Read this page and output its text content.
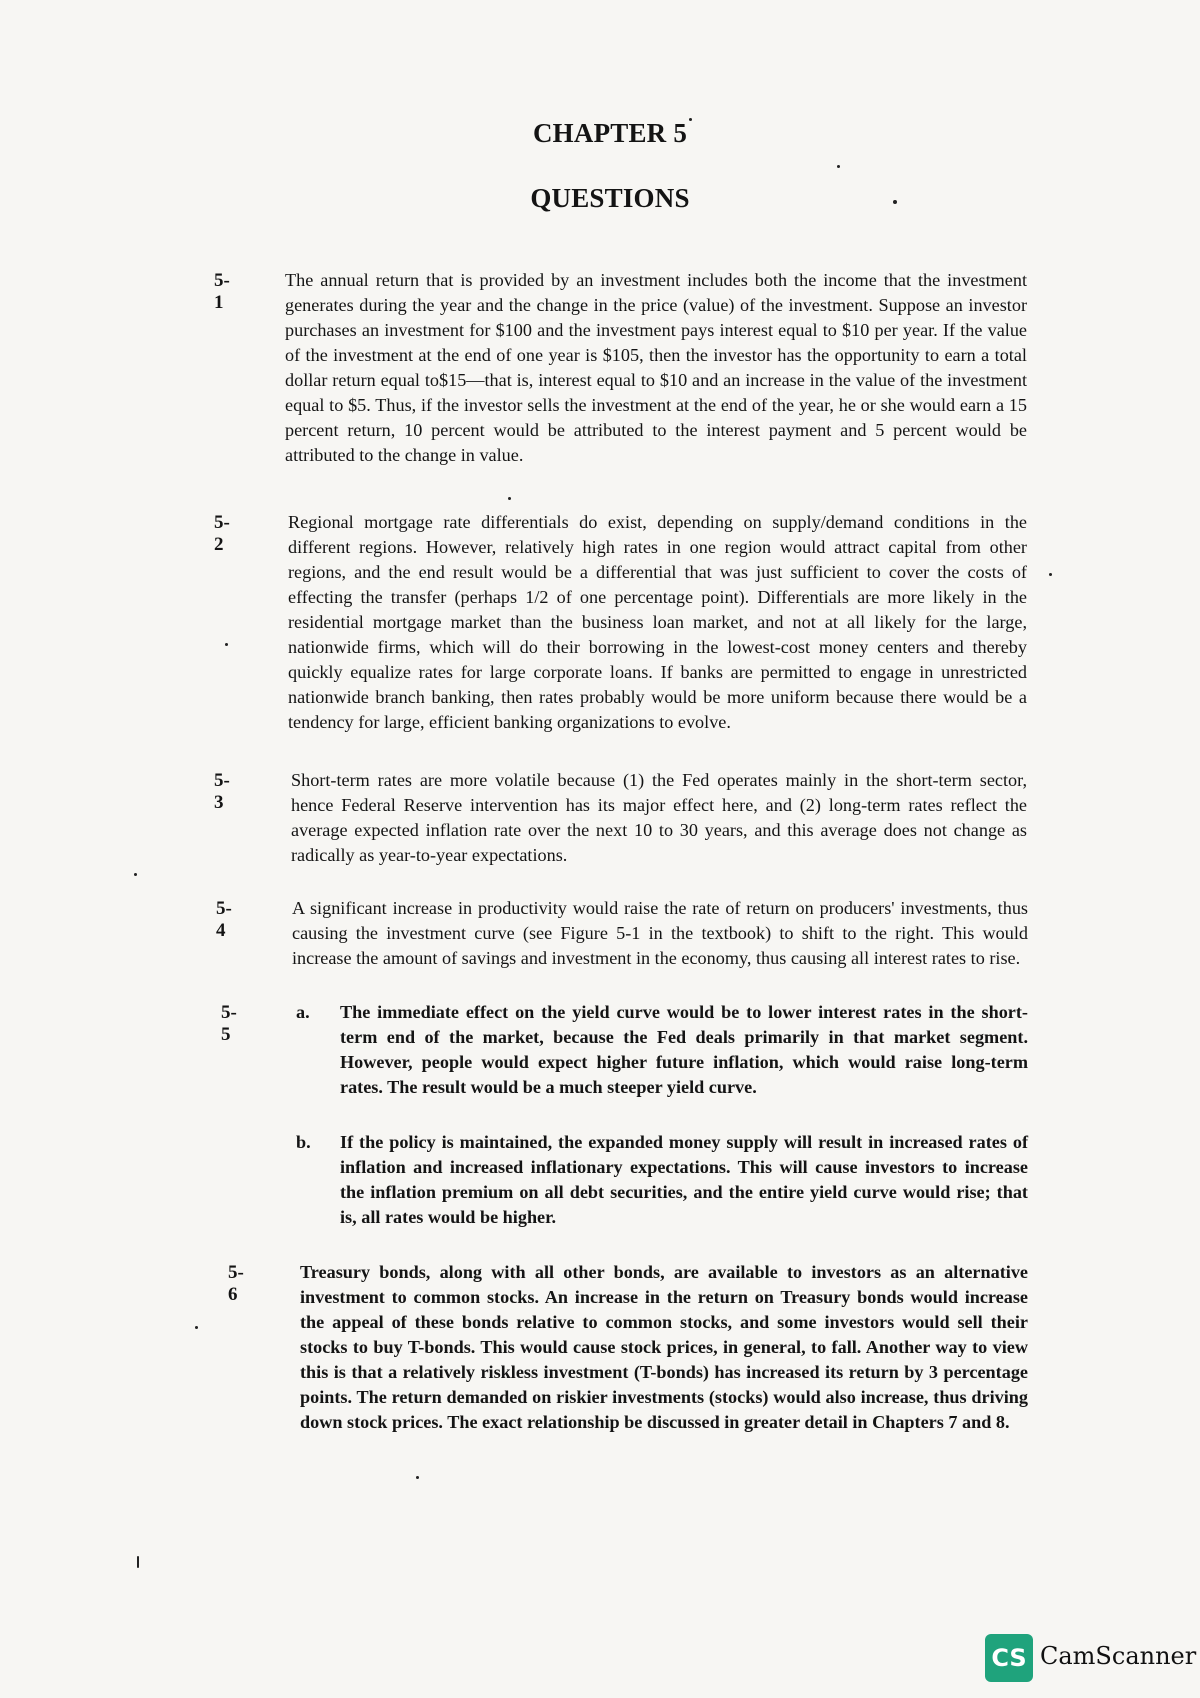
CHAPTER 5
QUESTIONS
5-1
The annual return that is provided by an investment includes both the income that the investment generates during the year and the change in the price (value) of the investment. Suppose an investor purchases an investment for $100 and the investment pays interest equal to $10 per year. If the value of the investment at the end of one year is $105, then the investor has the opportunity to earn a total dollar return equal to$15—that is, interest equal to $10 and an increase in the value of the investment equal to $5. Thus, if the investor sells the investment at the end of the year, he or she would earn a 15 percent return, 10 percent would be attributed to the interest payment and 5 percent would be attributed to the change in value.
5-2
Regional mortgage rate differentials do exist, depending on supply/demand conditions in the different regions. However, relatively high rates in one region would attract capital from other regions, and the end result would be a differential that was just sufficient to cover the costs of effecting the transfer (perhaps 1/2 of one percentage point). Differentials are more likely in the residential mortgage market than the business loan market, and not at all likely for the large, nationwide firms, which will do their borrowing in the lowest-cost money centers and thereby quickly equalize rates for large corporate loans. If banks are permitted to engage in unrestricted nationwide branch banking, then rates probably would be more uniform because there would be a tendency for large, efficient banking organizations to evolve.
5-3
Short-term rates are more volatile because (1) the Fed operates mainly in the short-term sector, hence Federal Reserve intervention has its major effect here, and (2) long-term rates reflect the average expected inflation rate over the next 10 to 30 years, and this average does not change as radically as year-to-year expectations.
5-4
A significant increase in productivity would raise the rate of return on producers' investments, thus causing the investment curve (see Figure 5-1 in the textbook) to shift to the right. This would increase the amount of savings and investment in the economy, thus causing all interest rates to rise.
5-5
a. The immediate effect on the yield curve would be to lower interest rates in the short-term end of the market, because the Fed deals primarily in that market segment. However, people would expect higher future inflation, which would raise long-term rates. The result would be a much steeper yield curve.
b. If the policy is maintained, the expanded money supply will result in increased rates of inflation and increased inflationary expectations. This will cause investors to increase the inflation premium on all debt securities, and the entire yield curve would rise; that is, all rates would be higher.
5-6
Treasury bonds, along with all other bonds, are available to investors as an alternative investment to common stocks. An increase in the return on Treasury bonds would increase the appeal of these bonds relative to common stocks, and some investors would sell their stocks to buy T-bonds. This would cause stock prices, in general, to fall. Another way to view this is that a relatively riskless investment (T-bonds) has increased its return by 3 percentage points. The return demanded on riskier investments (stocks) would also increase, thus driving down stock prices. The exact relationship be discussed in greater detail in Chapters 7 and 8.
CS CamScanner
